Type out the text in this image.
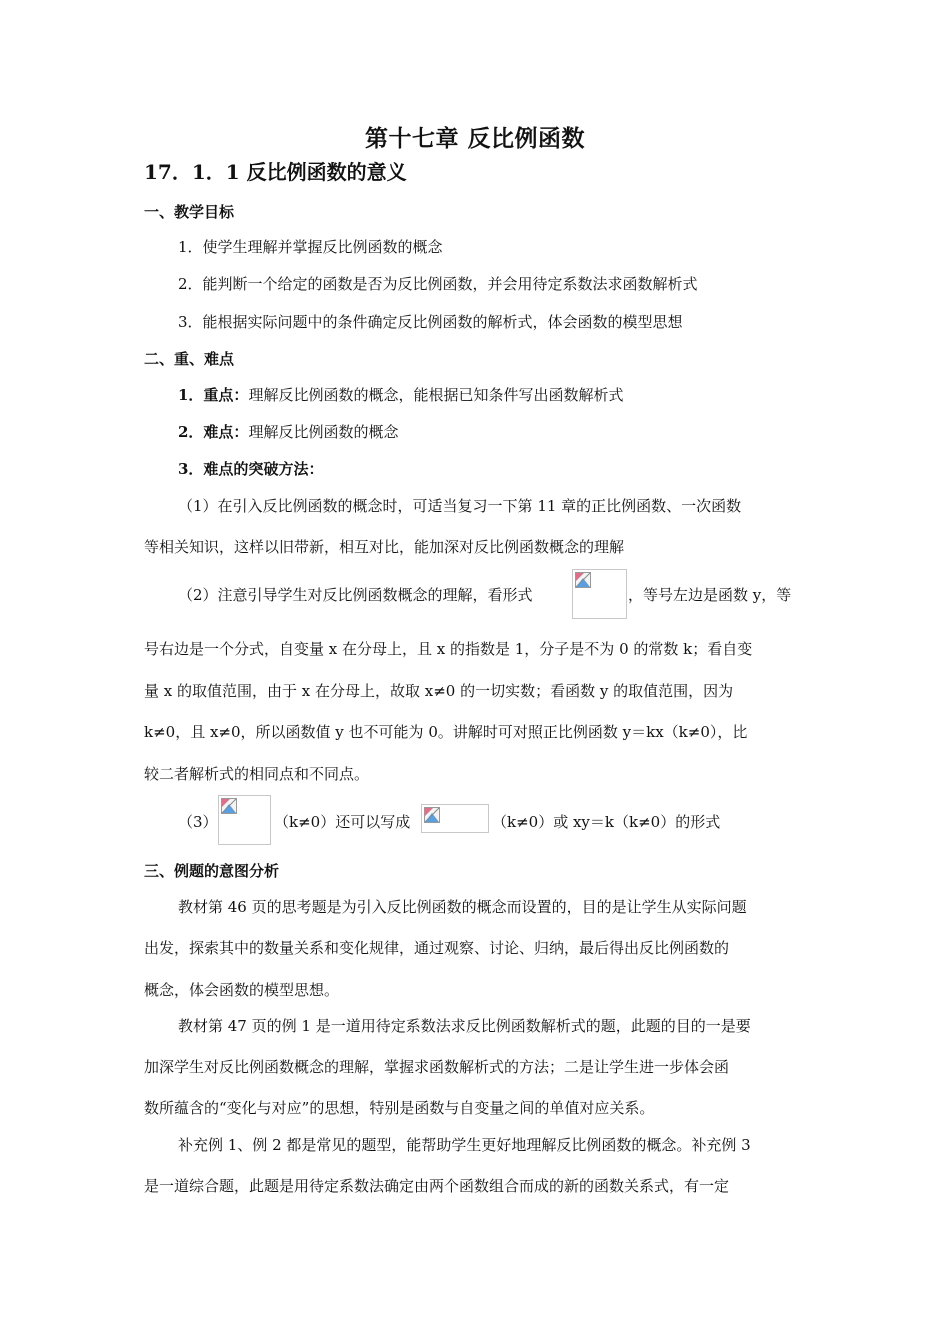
第十七章 反比例函数
17．1．1 反比例函数的意义
一、教学目标
1．使学生理解并掌握反比例函数的概念
2．能判断一个给定的函数是否为反比例函数，并会用待定系数法求函数解析式
3．能根据实际问题中的条件确定反比例函数的解析式，体会函数的模型思想
二、重、难点
1．重点：理解反比例函数的概念，能根据已知条件写出函数解析式
2．难点：理解反比例函数的概念
3．难点的突破方法：
（1）在引入反比例函数的概念时，可适当复习一下第 11 章的正比例函数、一次函数
等相关知识，这样以旧带新，相互对比，能加深对反比例函数概念的理解
（2）注意引导学生对反比例函数概念的理解，看形式	，等号左边是函数 y，等
号右边是一个分式，自变量 x 在分母上，且 x 的指数是 1，分子是不为 0 的常数 k；看自变
量 x 的取值范围，由于 x 在分母上，故取 x≠0 的一切实数；看函数 y 的取值范围，因为
k≠0，且 x≠0，所以函数值 y 也不可能为 0。讲解时可对照正比例函数 y＝kx（k≠0），比
较二者解析式的相同点和不同点。
（3）	（k≠0）还可以写成	（k≠0）或 xy＝k（k≠0）的形式
三、例题的意图分析
教材第 46 页的思考题是为引入反比例函数的概念而设置的，目的是让学生从实际问题
出发，探索其中的数量关系和变化规律，通过观察、讨论、归纳，最后得出反比例函数的
概念，体会函数的模型思想。
教材第 47 页的例 1 是一道用待定系数法求反比例函数解析式的题，此题的目的一是要
加深学生对反比例函数概念的理解，掌握求函数解析式的方法；二是让学生进一步体会函
数所蕴含的“变化与对应”的思想，特别是函数与自变量之间的单值对应关系。
补充例 1、例 2 都是常见的题型，能帮助学生更好地理解反比例函数的概念。补充例 3
是一道综合题，此题是用待定系数法确定由两个函数组合而成的新的函数关系式，有一定
